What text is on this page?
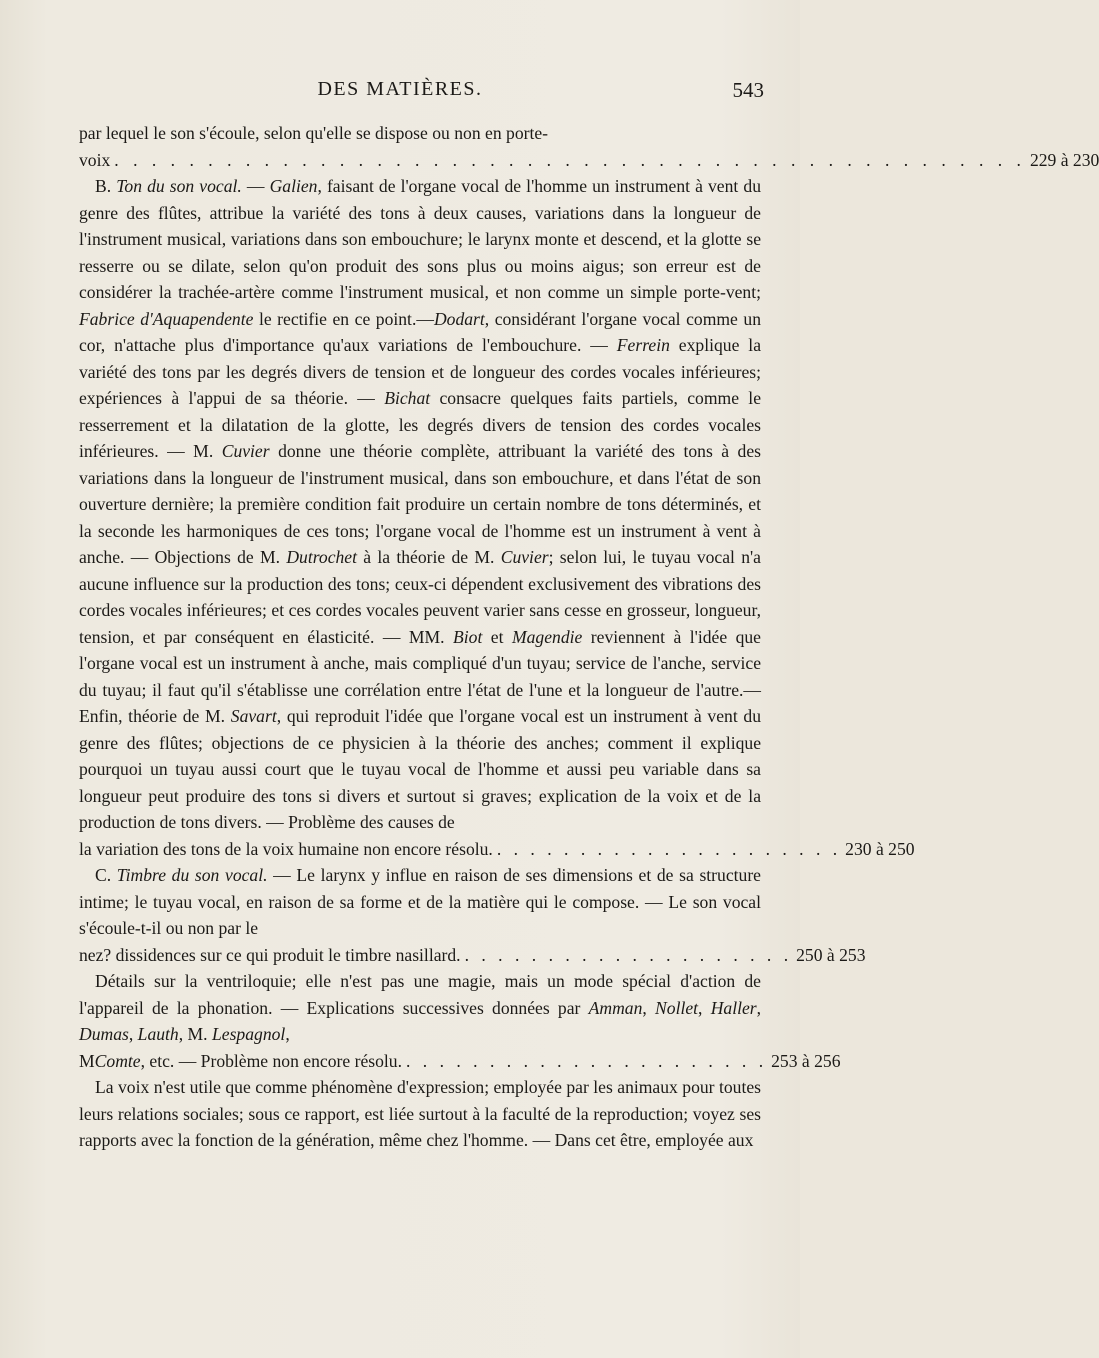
DES MATIÈRES.	543

par lequel le son s'écoule, selon qu'elle se dispose ou non en porte-

voix . . . . . . . . . . . . . . . . . . . . . . . . . . . . . . . . . . . . . . . . . . . . . . . . . 229 à 230

B. Ton du son vocal. — Galien, faisant de l'organe vocal de l'homme un instrument à vent du genre des flûtes, attribue la variété des tons à deux causes, variations dans la longueur de l'instrument musical, variations dans son embouchure; le larynx monte et descend, et la glotte se resserre ou se dilate, selon qu'on produit des sons plus ou moins aigus; son erreur est de considérer la trachée-artère comme l'instrument musical, et non comme un simple porte-vent; Fabrice d'Aquapendente le rectifie en ce point.—Dodart, considérant l'organe vocal comme un cor, n'attache plus d'importance qu'aux variations de l'embouchure. — Ferrein explique la variété des tons par les degrés divers de tension et de longueur des cordes vocales inférieures; expériences à l'appui de sa théorie. — Bichat consacre quelques faits partiels, comme le resserrement et la dilatation de la glotte, les degrés divers de tension des cordes vocales inférieures. — M. Cuvier donne une théorie complète, attribuant la variété des tons à des variations dans la longueur de l'instrument musical, dans son embouchure, et dans l'état de son ouverture dernière; la première condition fait produire un certain nombre de tons déterminés, et la seconde les harmoniques de ces tons; l'organe vocal de l'homme est un instrument à vent à anche. — Objections de M. Dutrochet à la théorie de M. Cuvier; selon lui, le tuyau vocal n'a aucune influence sur la production des tons; ceux-ci dépendent exclusivement des vibrations des cordes vocales inférieures; et ces cordes vocales peuvent varier sans cesse en grosseur, longueur, tension, et par conséquent en élasticité. — MM. Biot et Magendie reviennent à l'idée que l'organe vocal est un instrument à anche, mais compliqué d'un tuyau; service de l'anche, service du tuyau; il faut qu'il s'établisse une corrélation entre l'état de l'une et la longueur de l'autre.—Enfin, théorie de M. Savart, qui reproduit l'idée que l'organe vocal est un instrument à vent du genre des flûtes; objections de ce physicien à la théorie des anches; comment il explique pourquoi un tuyau aussi court que le tuyau vocal de l'homme et aussi peu variable dans sa longueur peut produire des tons si divers et surtout si graves; explication de la voix et de la production de tons divers. — Problème des causes de

la variation des tons de la voix humaine non encore résolu. . . . . . . . . . . . . . . . . . . . . . 230 à 250

C. Timbre du son vocal. — Le larynx y influe en raison de ses dimensions et de sa structure intime; le tuyau vocal, en raison de sa forme et de la matière qui le compose. — Le son vocal s'écoule-t-il ou non par le

nez? dissidences sur ce qui produit le timbre nasillard. . . . . . . . . . . . . . . . . . . . . 250 à 253

Détails sur la ventriloquie; elle n'est pas une magie, mais un mode spécial d'action de l'appareil de la phonation. — Explications successives données par Amman, Nollet, Haller, Dumas, Lauth, M. Lespagnol,

M Comte , etc. — Problème non encore résolu. . . . . . . . . . . . . . . . . . . . . . . 253 à 256

La voix n'est utile que comme phénomène d'expression; employée par les animaux pour toutes leurs relations sociales; sous ce rapport, est liée surtout à la faculté de la reproduction; voyez ses rapports avec la fonction de la génération, même chez l'homme. — Dans cet être, employée aux
